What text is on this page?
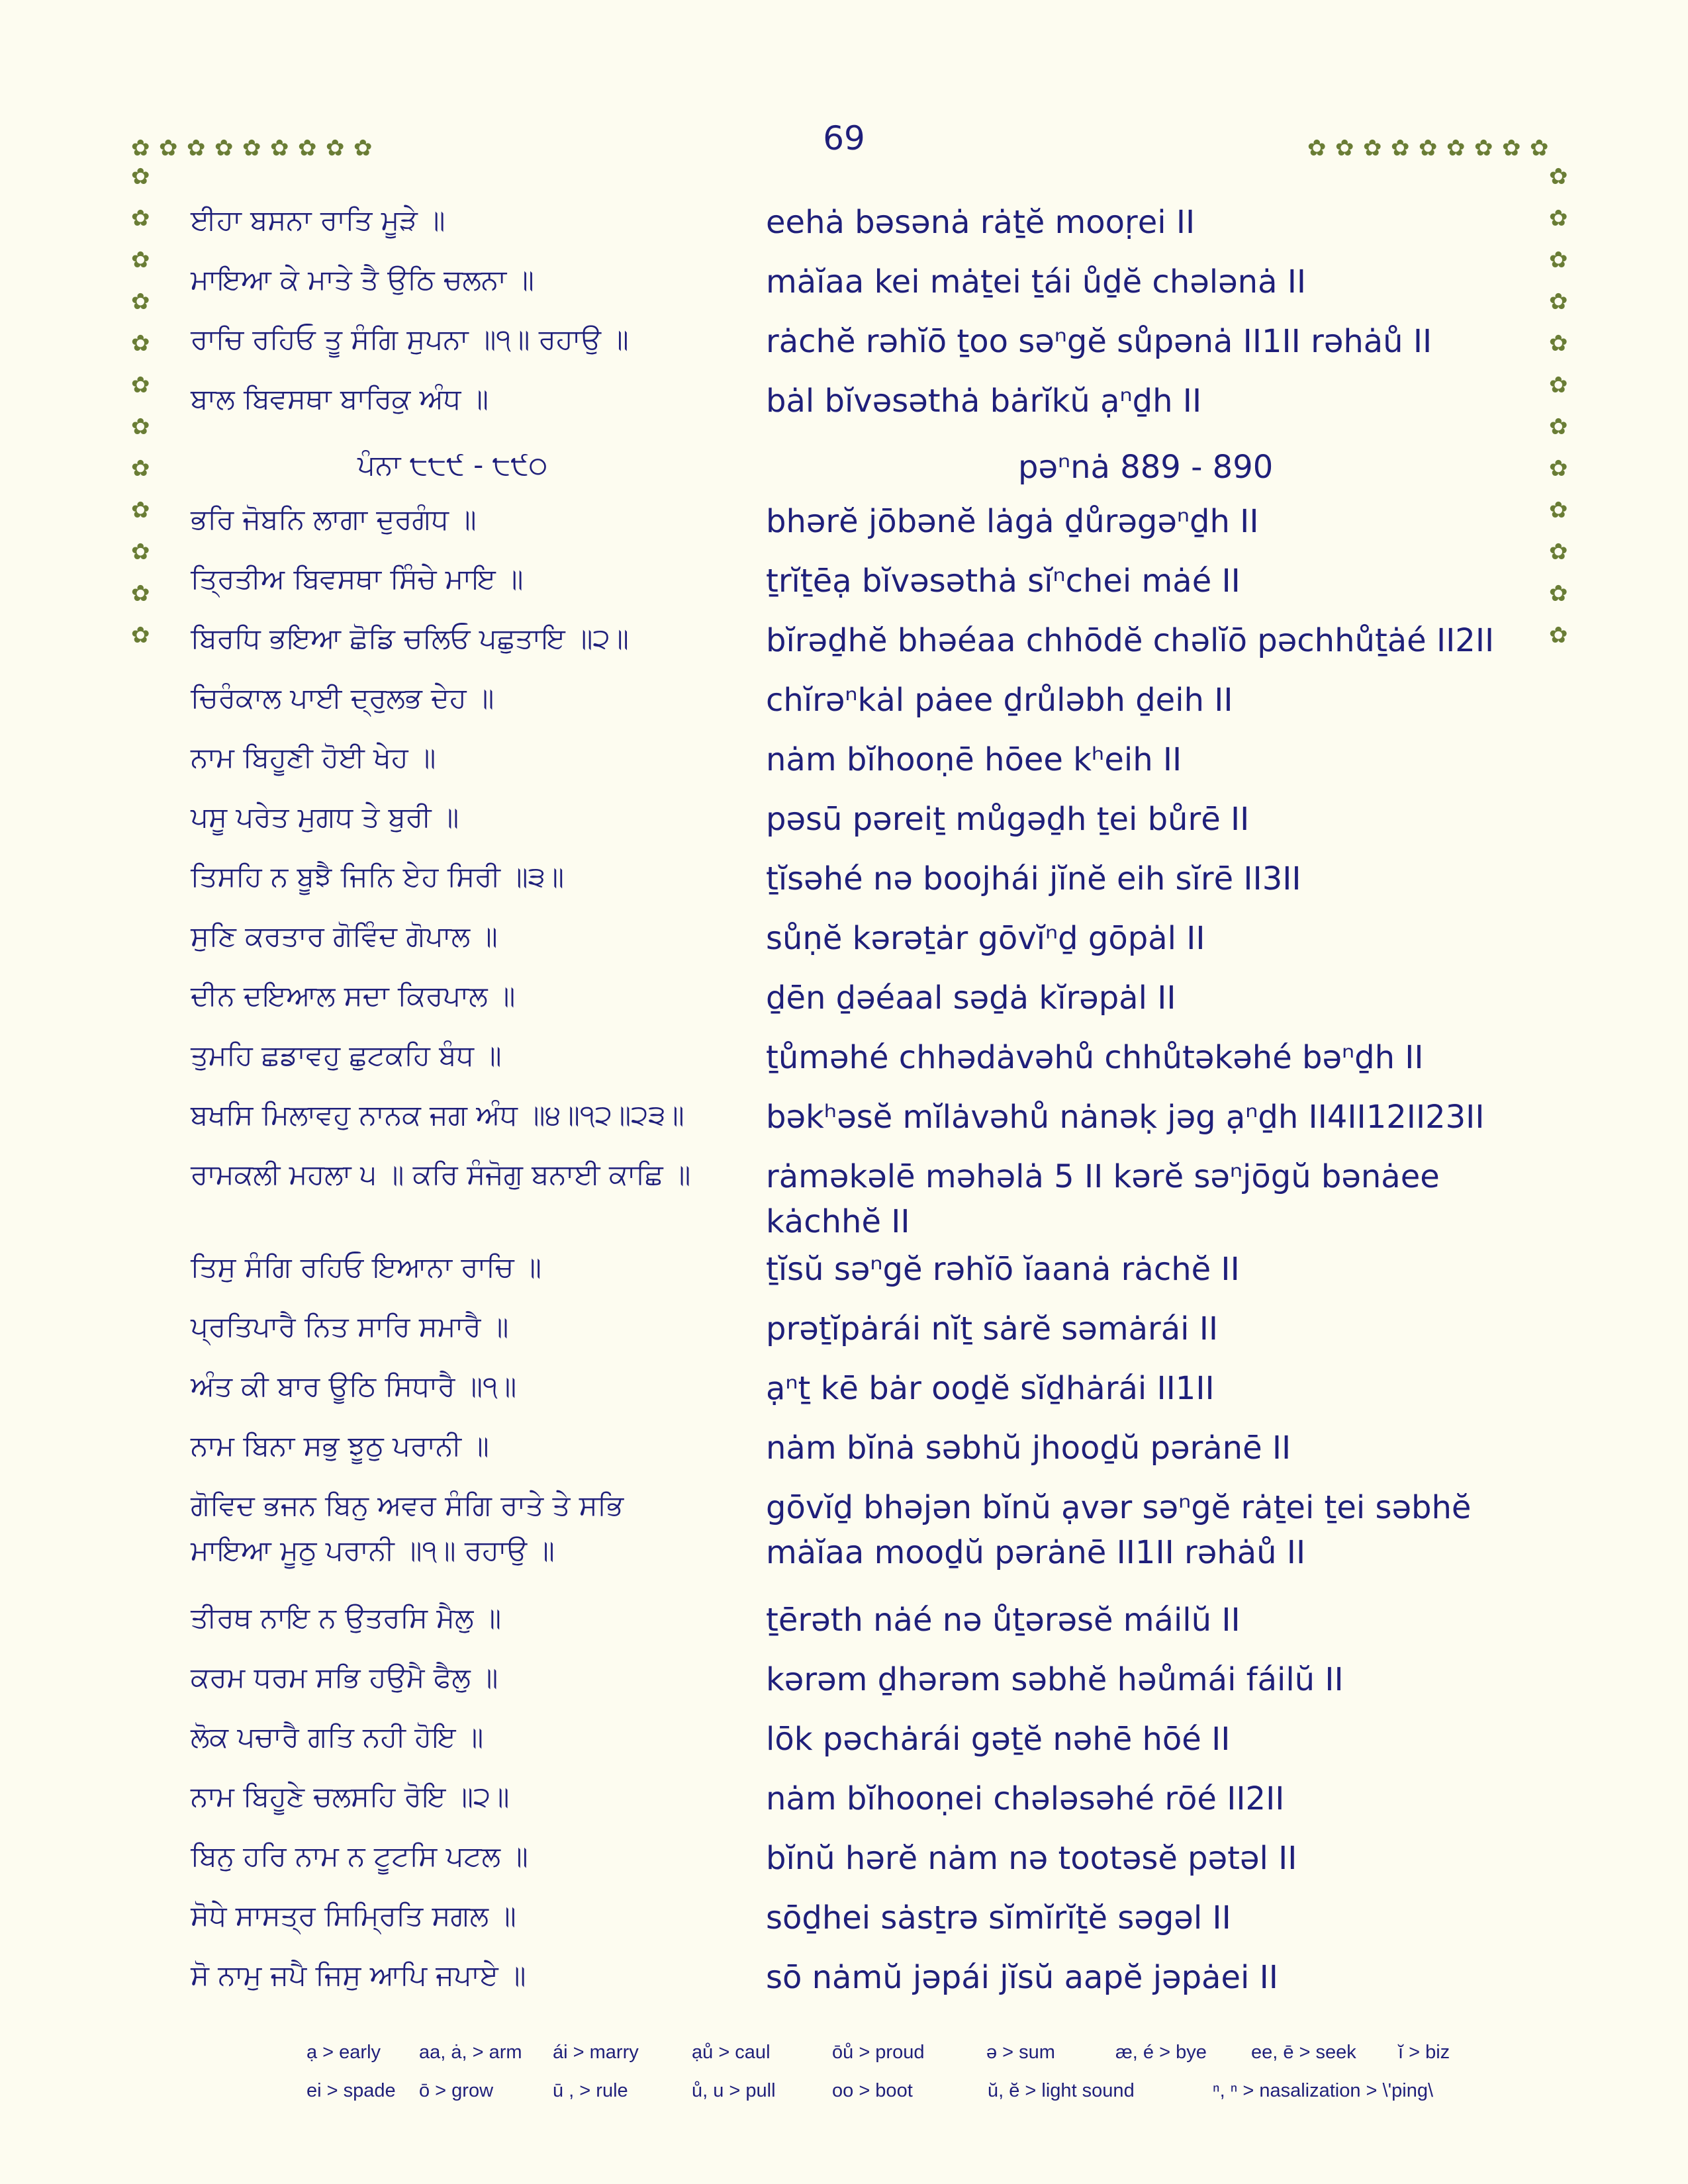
69
✿ ✿ ✿ ✿ ✿ ✿ ✿ ✿ ✿	✿ ✿ ✿ ✿ ✿ ✿ ✿ ✿ ✿
✿
✿
✿
✿
✿
✿
✿
✿
✿
✿
✿
✿
✿
✿
✿
✿
✿
✿
✿
✿
✿
✿
✿
✿
ਈਹਾ ਬਸਨਾ ਰਾਤਿ ਮੂੜੇ ॥	eehȧ bəsənȧ rȧṯĕ mooṛei II
ਮਾਇਆ ਕੇ ਮਾਤੇ ਤੈ ਉਠਿ ਚਲਨਾ ॥	mȧĭaa kei mȧṯei ṯái ůḏĕ chələnȧ II
ਰਾਚਿ ਰਹਿਓ ਤੂ ਸੰਗਿ ਸੁਪਨਾ ॥੧॥ ਰਹਾਉ ॥	rȧchĕ rəhĭō ṯoo səⁿgĕ sůpənȧ II1II rəhȧů II
ਬਾਲ ਬਿਵਸਥਾ ਬਾਰਿਕੁ ਅੰਧ ॥	bȧl bĭvəsəthȧ bȧrĭkŭ ạⁿḏh II
ਪੰਨਾ ੮੮੯ - ੮੯੦	pəⁿnȧ 889 - 890
ਭਰਿ ਜੋਬਨਿ ਲਾਗਾ ਦੁਰਗੰਧ ॥	bhərĕ jōbənĕ lȧgȧ ḏůrəgəⁿḏh II
ਤ੍ਰਿਤੀਅ ਬਿਵਸਥਾ ਸਿੰਚੇ ਮਾਇ ॥	ṯrĭṯēạ bĭvəsəthȧ sĭⁿchei mȧé II
ਬਿਰਧਿ ਭਇਆ ਛੋਡਿ ਚਲਿਓ ਪਛੁਤਾਇ ॥੨॥	bĭrəḏhĕ bhəéaa chhōdĕ chəlĭō pəchhůṯȧé II2II
ਚਿਰੰਕਾਲ ਪਾਈ ਦ੍ਰੁਲਭ ਦੇਹ ॥	chĭrəⁿkȧl pȧee ḏrůləbh ḏeih II
ਨਾਮ ਬਿਹੂਣੀ ਹੋਈ ਖੇਹ ॥	nȧm bĭhooṇē hōee kʰeih II
ਪਸੂ ਪਰੇਤ ਮੁਗਧ ਤੇ ਬੁਰੀ ॥	pəsū pəreiṯ můgəḏh ṯei bůrē II
ਤਿਸਹਿ ਨ ਬੂਝੈ ਜਿਨਿ ਏਹ ਸਿਰੀ ॥੩॥	ṯĭsəhé nə boojhái jĭnĕ eih sĭrē II3II
ਸੁਣਿ ਕਰਤਾਰ ਗੋਵਿੰਦ ਗੋਪਾਲ ॥	sůṇĕ kərəṯȧr gōvĭⁿḏ gōpȧl II
ਦੀਨ ਦਇਆਲ ਸਦਾ ਕਿਰਪਾਲ ॥	ḏēn ḏəéaal səḏȧ kĭrəpȧl II
ਤੁਮਹਿ ਛਡਾਵਹੁ ਛੁਟਕਹਿ ਬੰਧ ॥	ṯůməhé chhədȧvəhů chhůtəkəhé bəⁿḏh II
ਬਖਸਿ ਮਿਲਾਵਹੁ ਨਾਨਕ ਜਗ ਅੰਧ ॥੪॥੧੨॥੨੩॥	bəkʰəsĕ mĭlȧvəhů nȧnəḳ jəg ạⁿḏh II4II12II23II
ਰਾਮਕਲੀ ਮਹਲਾ ੫ ॥ ਕਰਿ ਸੰਜੋਗੁ ਬਨਾਈ ਕਾਛਿ ॥ rȧməkəlē məhəlȧ 5 II kərĕ səⁿjōgŭ bənȧee
kȧchhĕ II
ਤਿਸੁ ਸੰਗਿ ਰਹਿਓ ਇਆਨਾ ਰਾਚਿ ॥	ṯĭsŭ səⁿgĕ rəhĭō ĭaanȧ rȧchĕ II
ਪ੍ਰਤਿਪਾਰੈ ਨਿਤ ਸਾਰਿ ਸਮਾਰੈ ॥	prəṯĭpȧrái nĭṯ sȧrĕ səmȧrái II
ਅੰਤ ਕੀ ਬਾਰ ਊਠਿ ਸਿਧਾਰੈ ॥੧॥	ạⁿṯ kē bȧr ooḏĕ sĭḏhȧrái II1II
ਨਾਮ ਬਿਨਾ ਸਭੁ ਝੂਠੁ ਪਰਾਨੀ ॥	nȧm bĭnȧ səbhŭ jhooḏŭ pərȧnē II
ਗੋਵਿਦ ਭਜਨ ਬਿਨੁ ਅਵਰ ਸੰਗਿ ਰਾਤੇ ਤੇ ਸਭਿ
ਮਾਇਆ ਮੂਠੁ ਪਰਾਨੀ ॥੧॥ ਰਹਾਉ ॥
gōvĭḏ bhəjən bĭnŭ ạvər səⁿgĕ rȧṯei ṯei səbhĕ
mȧĭaa mooḏŭ pərȧnē II1II rəhȧů II
ਤੀਰਥ ਨਾਇ ਨ ਉਤਰਸਿ ਮੈਲੁ ॥	ṯērəth nȧé nə ůṯərəsĕ máilŭ II
ਕਰਮ ਧਰਮ ਸਭਿ ਹਉਮੈ ਫੈਲੁ ॥	kərəm ḏhərəm səbhĕ həůmái fáilŭ II
ਲੋਕ ਪਚਾਰੈ ਗਤਿ ਨਹੀ ਹੋਇ ॥	lōk pəchȧrái gəṯĕ nəhē hōé II
ਨਾਮ ਬਿਹੂਣੇ ਚਲਸਹਿ ਰੋਇ ॥੨॥	nȧm bĭhooṇei chələsəhé rōé II2II
ਬਿਨੁ ਹਰਿ ਨਾਮ ਨ ਟੂਟਸਿ ਪਟਲ ॥	bĭnŭ hərĕ nȧm nə tootəsĕ pətəl II
ਸੋਧੇ ਸਾਸਤ੍ਰ ਸਿਮ੍ਰਿਤਿ ਸਗਲ ॥	sōḏhei sȧsṯrə sĭmĭrĭṯĕ səgəl II
ਸੋ ਨਾਮੁ ਜਪੈ ਜਿਸੁ ਆਪਿ ਜਪਾਏ ॥	sō nȧmŭ jəpái jĭsŭ aapĕ jəpȧei II
ạ > early aa, ȧ, > arm ái > marry	ạů > caul	ōů > proud	ə > sum	æ, é > bye ee, ē > seek ĭ > biz
ei > spade ō > grow	ū , > rule	ů, u > pull	oo > boot	ŭ, ĕ > light sound	ⁿ, ⁿ > nasalization > \'ping\
